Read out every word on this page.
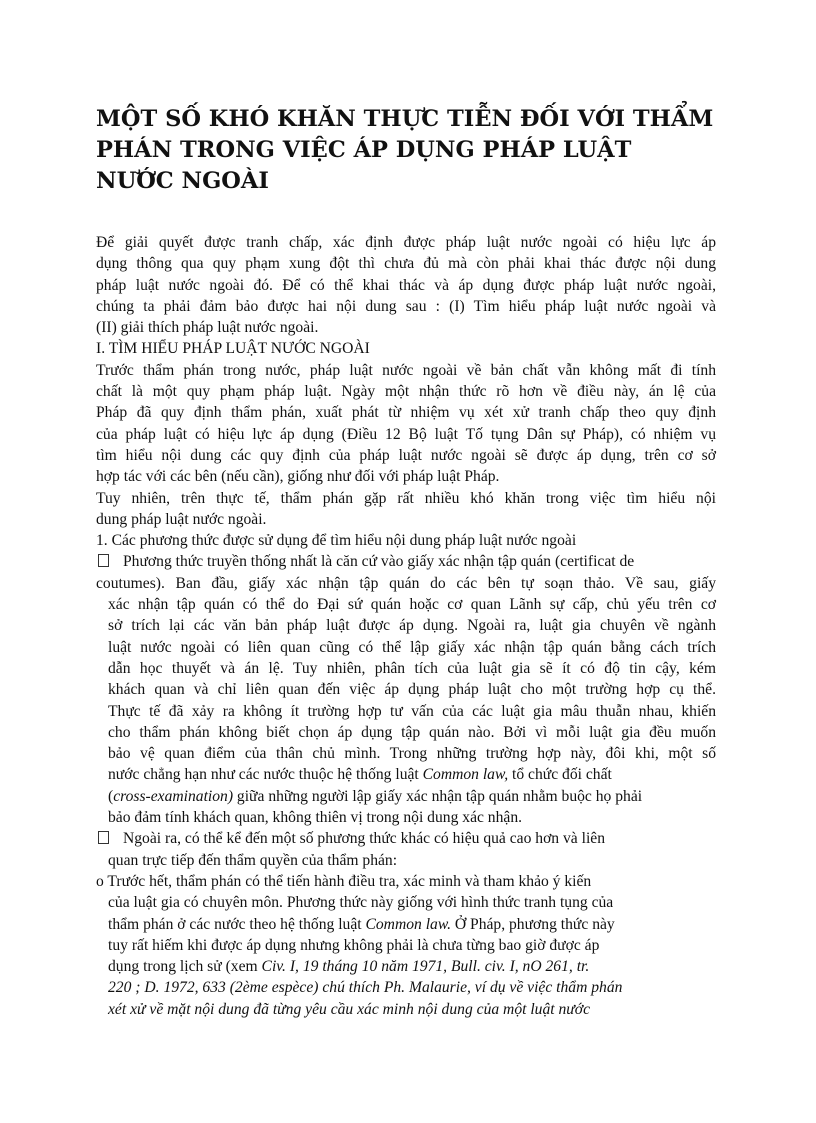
MỘT SỐ KHÓ KHĂN THỰC TIỄN ĐỐI VỚI THẨM PHÁN TRONG VIỆC ÁP DỤNG PHÁP LUẬT NƯỚC NGOÀI
Để giải quyết được tranh chấp, xác định được pháp luật nước ngoài có hiệu lực áp
dụng thông qua quy phạm xung đột thì chưa đủ mà còn phải khai thác được nội dung
pháp luật nước ngoài đó. Để có thể khai thác và áp dụng được pháp luật nước ngoài,
chúng ta phải đảm bảo được hai nội dung sau : (I) Tìm hiểu pháp luật nước ngoài và
(II) giải thích pháp luật nước ngoài.
I. TÌM HIỂU PHÁP LUẬT NƯỚC NGOÀI
Trước thẩm phán trong nước, pháp luật nước ngoài về bản chất vẫn không mất đi tính
chất là một quy phạm pháp luật. Ngày một nhận thức rõ hơn về điều này, án lệ của
Pháp đã quy định thẩm phán, xuất phát từ nhiệm vụ xét xử tranh chấp theo quy định
của pháp luật có hiệu lực áp dụng (Điều 12 Bộ luật Tố tụng Dân sự Pháp), có nhiệm vụ
tìm hiểu nội dung các quy định của pháp luật nước ngoài sẽ được áp dụng, trên cơ sở
hợp tác với các bên (nếu cần), giống như đối với pháp luật Pháp.
Tuy nhiên, trên thực tế, thẩm phán gặp rất nhiều khó khăn trong việc tìm hiểu nội
dung pháp luật nước ngoài.
1. Các phương thức được sử dụng để tìm hiểu nội dung pháp luật nước ngoài
Phương thức truyền thống nhất là căn cứ vào giấy xác nhận tập quán (certificat de
coutumes). Ban đầu, giấy xác nhận tập quán do các bên tự soạn thảo. Về sau, giấy
xác nhận tập quán có thể do Đại sứ quán hoặc cơ quan Lãnh sự cấp, chủ yếu trên cơ
sở trích lại các văn bản pháp luật được áp dụng. Ngoài ra, luật gia chuyên về ngành
luật nước ngoài có liên quan cũng có thể lập giấy xác nhận tập quán bằng cách trích
dẫn học thuyết và án lệ. Tuy nhiên, phân tích của luật gia sẽ ít có độ tin cậy, kém
khách quan và chỉ liên quan đến việc áp dụng pháp luật cho một trường hợp cụ thể.
Thực tế đã xảy ra không ít trường hợp tư vấn của các luật gia mâu thuẫn nhau, khiến
cho thẩm phán không biết chọn áp dụng tập quán nào. Bởi vì mỗi luật gia đều muốn
bảo vệ quan điểm của thân chủ mình. Trong những trường hợp này, đôi khi, một số
nước chẳng hạn như các nước thuộc hệ thống luật Common law, tổ chức đối chất
(cross-examination) giữa những người lập giấy xác nhận tập quán nhằm buộc họ phải
bảo đảm tính khách quan, không thiên vị trong nội dung xác nhận.
Ngoài ra, có thể kể đến một số phương thức khác có hiệu quả cao hơn và liên
quan trực tiếp đến thẩm quyền của thẩm phán:
o Trước hết, thẩm phán có thể tiến hành điều tra, xác minh và tham khảo ý kiến
của luật gia có chuyên môn. Phương thức này giống với hình thức tranh tụng của
thẩm phán ở các nước theo hệ thống luật Common law. Ở Pháp, phương thức này
tuy rất hiếm khi được áp dụng nhưng không phải là chưa từng bao giờ được áp
dụng trong lịch sử (xem Civ. I, 19 tháng 10 năm 1971, Bull. civ. I, nO 261, tr.
220 ; D. 1972, 633 (2ème espèce) chú thích Ph. Malaurie, ví dụ về việc thẩm phán
xét xử về mặt nội dung đã từng yêu cầu xác minh nội dung của một luật nước
